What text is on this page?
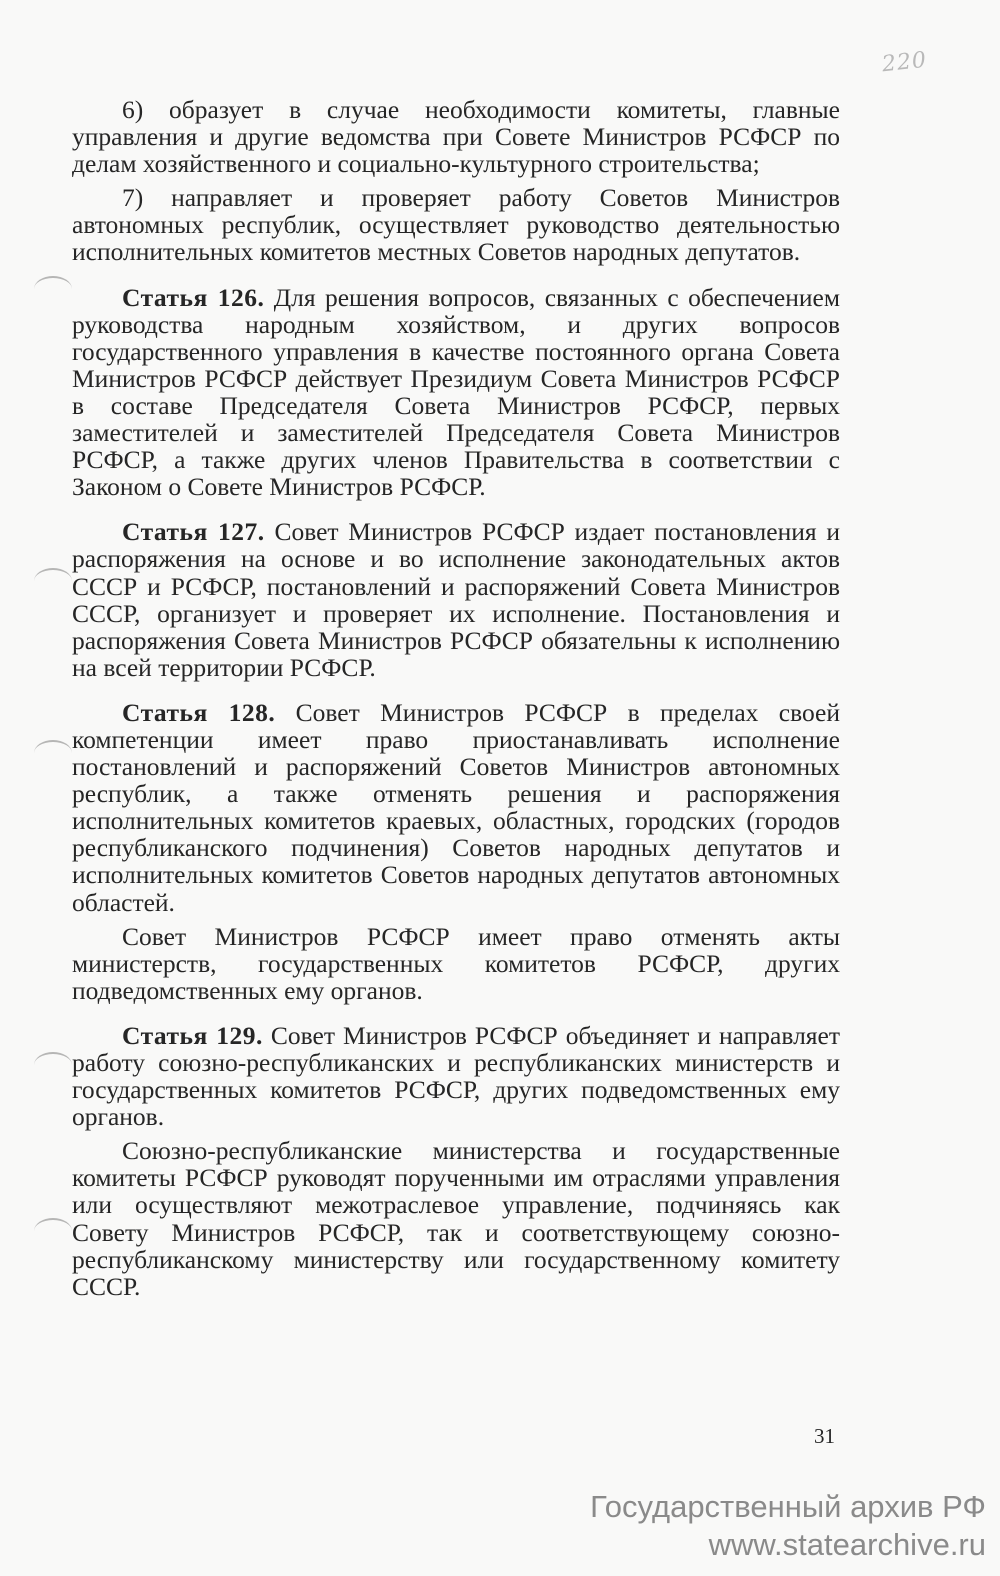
220

6) образует в случае необходимости комитеты, главные управления и другие ведомства при Совете Министров РСФСР по делам хозяйственного и социально-культурного строительства;

7) направляет и проверяет работу Советов Министров автономных республик, осуществляет руководство деятельностью исполнительных комитетов местных Советов народных депутатов.

Статья 126. Для решения вопросов, связанных с обеспечением руководства народным хозяйством, и других вопросов государственного управления в качестве постоянного органа Совета Министров РСФСР действует Президиум Совета Министров РСФСР в составе Председателя Совета Министров РСФСР, первых заместителей и заместителей Председателя Совета Министров РСФСР, а также других членов Правительства в соответствии с Законом о Совете Министров РСФСР.

Статья 127. Совет Министров РСФСР издает постановления и распоряжения на основе и во исполнение законодательных актов СССР и РСФСР, постановлений и распоряжений Совета Министров СССР, организует и проверяет их исполнение. Постановления и распоряжения Совета Министров РСФСР обязательны к исполнению на всей территории РСФСР.

Статья 128. Совет Министров РСФСР в пределах своей компетенции имеет право приостанавливать исполнение постановлений и распоряжений Советов Министров автономных республик, а также отменять решения и распоряжения исполнительных комитетов краевых, областных, городских (городов республиканского подчинения) Советов народных депутатов и исполнительных комитетов Советов народных депутатов автономных областей.

Совет Министров РСФСР имеет право отменять акты министерств, государственных комитетов РСФСР, других подведомственных ему органов.

Статья 129. Совет Министров РСФСР объединяет и направляет работу союзно-республиканских и республиканских министерств и государственных комитетов РСФСР, других подведомственных ему органов.

Союзно-республиканские министерства и государственные комитеты РСФСР руководят порученными им отраслями управления или осуществляют межотраслевое управление, подчиняясь как Совету Министров РСФСР, так и соответствующему союзно-республиканскому министерству или государственному комитету СССР.

31
Государственный архив РФ
www.statearchive.ru
